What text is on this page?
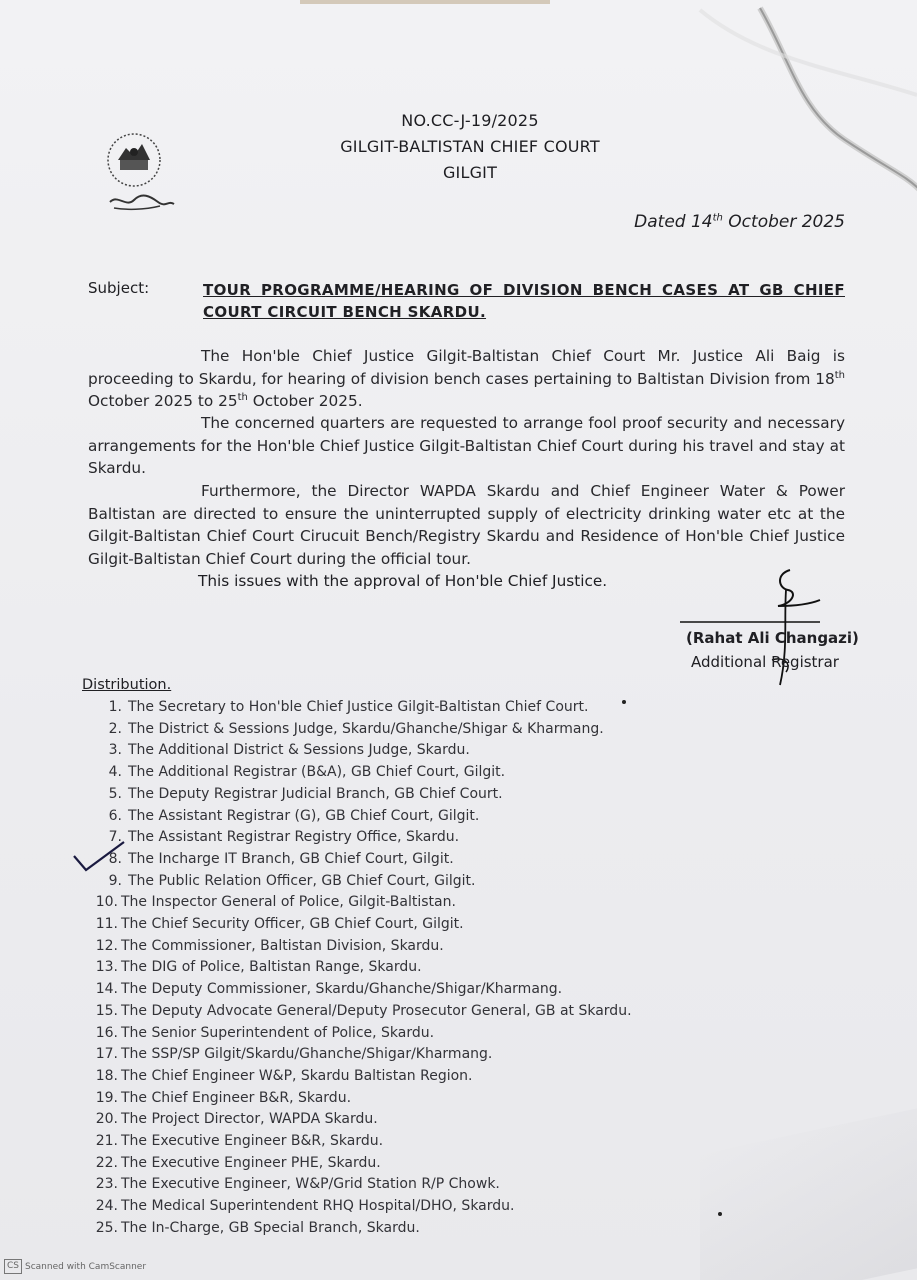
NO.CC-J-19/2025
GILGIT-BALTISTAN CHIEF COURT
GILGIT
Dated 14th October 2025
Subject:	TOUR PROGRAMME/HEARING OF DIVISION BENCH CASES AT GB CHIEF COURT CIRCUIT BENCH SKARDU.
The Hon'ble Chief Justice Gilgit-Baltistan Chief Court Mr. Justice Ali Baig is proceeding to Skardu, for hearing of division bench cases pertaining to Baltistan Division from 18th October 2025 to 25th October 2025.
The concerned quarters are requested to arrange fool proof security and necessary arrangements for the Hon'ble Chief Justice Gilgit-Baltistan Chief Court during his travel and stay at Skardu.
Furthermore, the Director WAPDA Skardu and Chief Engineer Water & Power Baltistan are directed to ensure the uninterrupted supply of electricity drinking water etc at the Gilgit-Baltistan Chief Court Cirucuit Bench/Registry Skardu and Residence of Hon'ble Chief Justice Gilgit-Baltistan Chief Court during the official tour.
This issues with the approval of Hon'ble Chief Justice.
(Rahat Ali Changazi)
Additional Registrar
Distribution.
1. The Secretary to Hon'ble Chief Justice Gilgit-Baltistan Chief Court.
2. The District & Sessions Judge, Skardu/Ghanche/Shigar & Kharmang.
3. The Additional District & Sessions Judge, Skardu.
4. The Additional Registrar (B&A), GB Chief Court, Gilgit.
5. The Deputy Registrar Judicial Branch, GB Chief Court.
6. The Assistant Registrar (G), GB Chief Court, Gilgit.
7. The Assistant Registrar Registry Office, Skardu.
8. The Incharge IT Branch, GB Chief Court, Gilgit.
9. The Public Relation Officer, GB Chief Court, Gilgit.
10. The Inspector General of Police, Gilgit-Baltistan.
11. The Chief Security Officer, GB Chief Court, Gilgit.
12. The Commissioner, Baltistan Division, Skardu.
13. The DIG of Police, Baltistan Range, Skardu.
14. The Deputy Commissioner, Skardu/Ghanche/Shigar/Kharmang.
15. The Deputy Advocate General/Deputy Prosecutor General, GB at Skardu.
16. The Senior Superintendent of Police, Skardu.
17. The SSP/SP Gilgit/Skardu/Ghanche/Shigar/Kharmang.
18. The Chief Engineer W&P, Skardu Baltistan Region.
19. The Chief Engineer B&R, Skardu.
20. The Project Director, WAPDA Skardu.
21. The Executive Engineer B&R, Skardu.
22. The Executive Engineer PHE, Skardu.
23. The Executive Engineer, W&P/Grid Station R/P Chowk.
24. The Medical Superintendent RHQ Hospital/DHO, Skardu.
25. The In-Charge, GB Special Branch, Skardu.
CS Scanned with CamScanner
